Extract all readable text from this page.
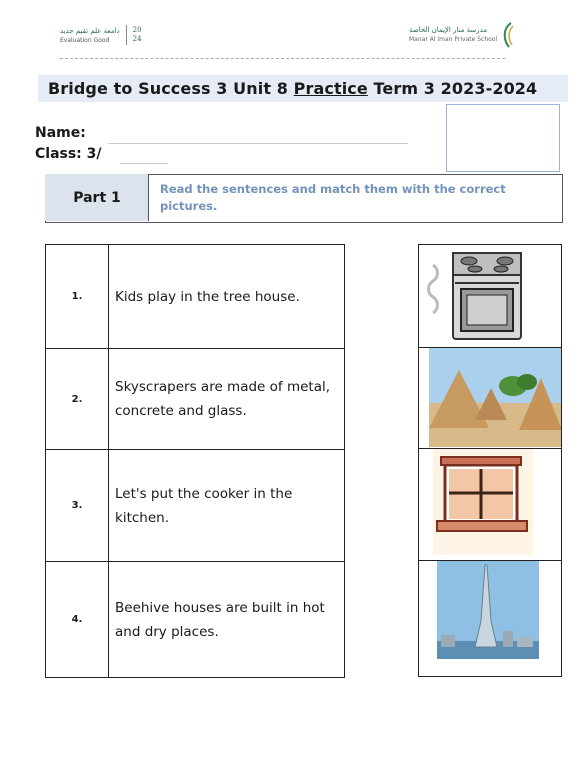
دامعة علم تقيم جديد
Evaluation Good
20
24
مدرسة منار الإيمان الخاصة
Manar Al Iman Private School
Bridge to Success 3 Unit 8 Practice Term 3 2023-2024
Name:
Class: 3/
Part 1
Read the sentences and match them with the correct pictures.
1.	Kids play in the tree house.
2.	Skyscrapers are made of metal, concrete and glass.
3.	Let's put the cooker in the kitchen.
4.	Beehive houses are built in hot and dry places.
